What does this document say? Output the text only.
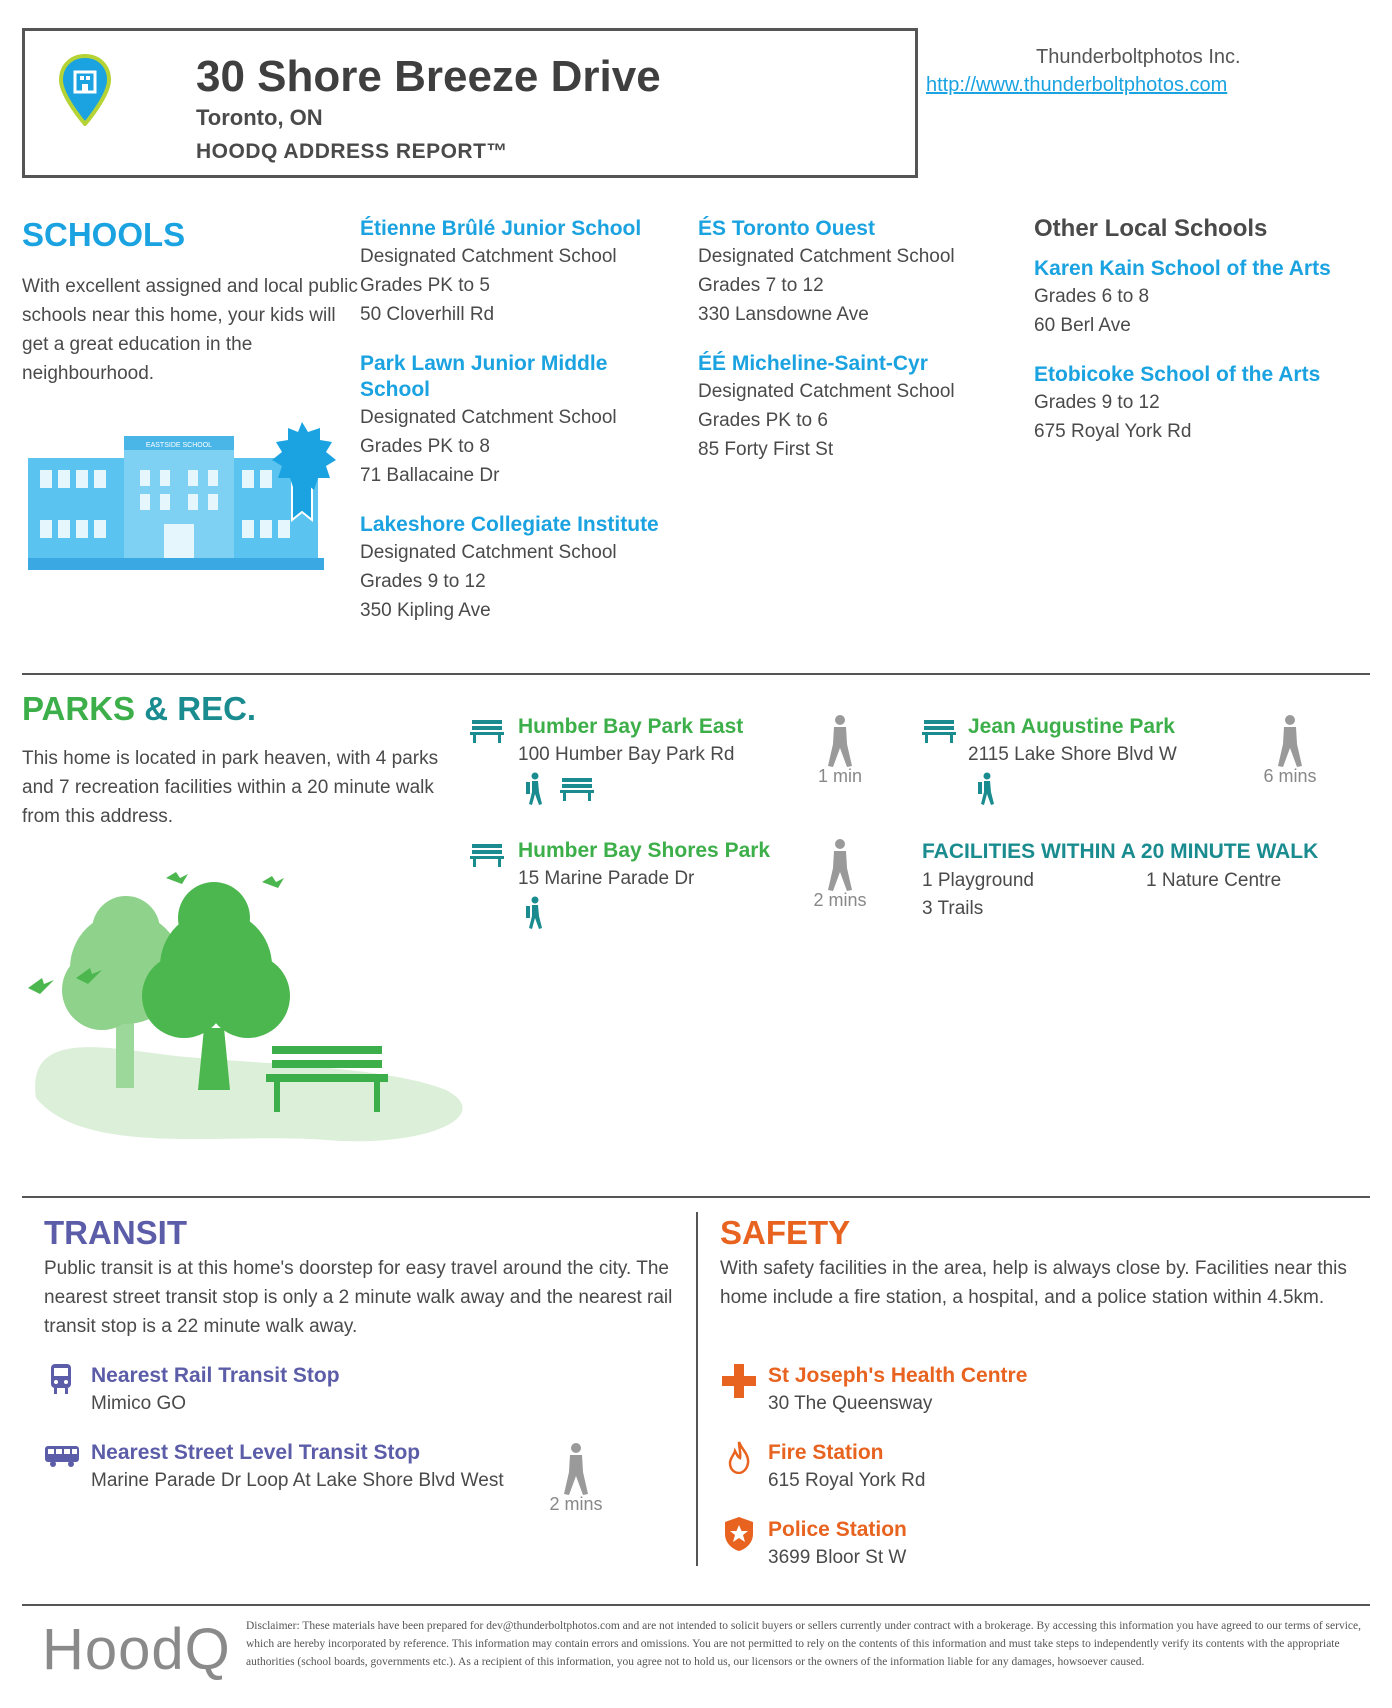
30 Shore Breeze Drive
Toronto, ON
HOODQ ADDRESS REPORT™
Thunderboltphotos Inc.
http://www.thunderboltphotos.com
SCHOOLS
With excellent assigned and local public schools near this home, your kids will get a great education in the neighbourhood.
EASTSIDE SCHOOL
Étienne Brûlé Junior School
Designated Catchment School
Grades PK to 5
50 Cloverhill Rd
Park Lawn Junior Middle School
Designated Catchment School
Grades PK to 8
71 Ballacaine Dr
Lakeshore Collegiate Institute
Designated Catchment School
Grades 9 to 12
350 Kipling Ave
ÉS Toronto Ouest
Designated Catchment School
Grades 7 to 12
330 Lansdowne Ave
ÉÉ Micheline-Saint-Cyr
Designated Catchment School
Grades PK to 6
85 Forty First St
Other Local Schools
Karen Kain School of the Arts
Grades 6 to 8
60 Berl Ave
Etobicoke School of the Arts
Grades 9 to 12
675 Royal York Rd
PARKS & REC.
This home is located in park heaven, with 4 parks and 7 recreation facilities within a 20 minute walk from this address.
Humber Bay Park East
100 Humber Bay Park Rd
1 min
Humber Bay Shores Park
15 Marine Parade Dr
2 mins
Jean Augustine Park
2115 Lake Shore Blvd W
6 mins
FACILITIES WITHIN A 20 MINUTE WALK
1 Playground	1 Nature Centre
3 Trails
TRANSIT
Public transit is at this home's doorstep for easy travel around the city. The nearest street transit stop is only a 2 minute walk away and the nearest rail transit stop is a 22 minute walk away.
Nearest Rail Transit Stop
Mimico GO
Nearest Street Level Transit Stop
Marine Parade Dr Loop At Lake Shore Blvd West
2 mins
SAFETY
With safety facilities in the area, help is always close by. Facilities near this home include a fire station, a hospital, and a police station within 4.5km.
St Joseph's Health Centre
30 The Queensway
Fire Station
615 Royal York Rd
Police Station
3699 Bloor St W
HoodQ Disclaimer: These materials have been prepared for dev@thunderboltphotos.com and are not intended to solicit buyers or sellers currently under contract with a brokerage. By accessing this information you have agreed to our terms of service, which are hereby incorporated by reference. This information may contain errors and omissions. You are not permitted to rely on the contents of this information and must take steps to independently verify its contents with the appropriate authorities (school boards, governments etc.). As a recipient of this information, you agree not to hold us, our licensors or the owners of the information liable for any damages, howsoever caused.
